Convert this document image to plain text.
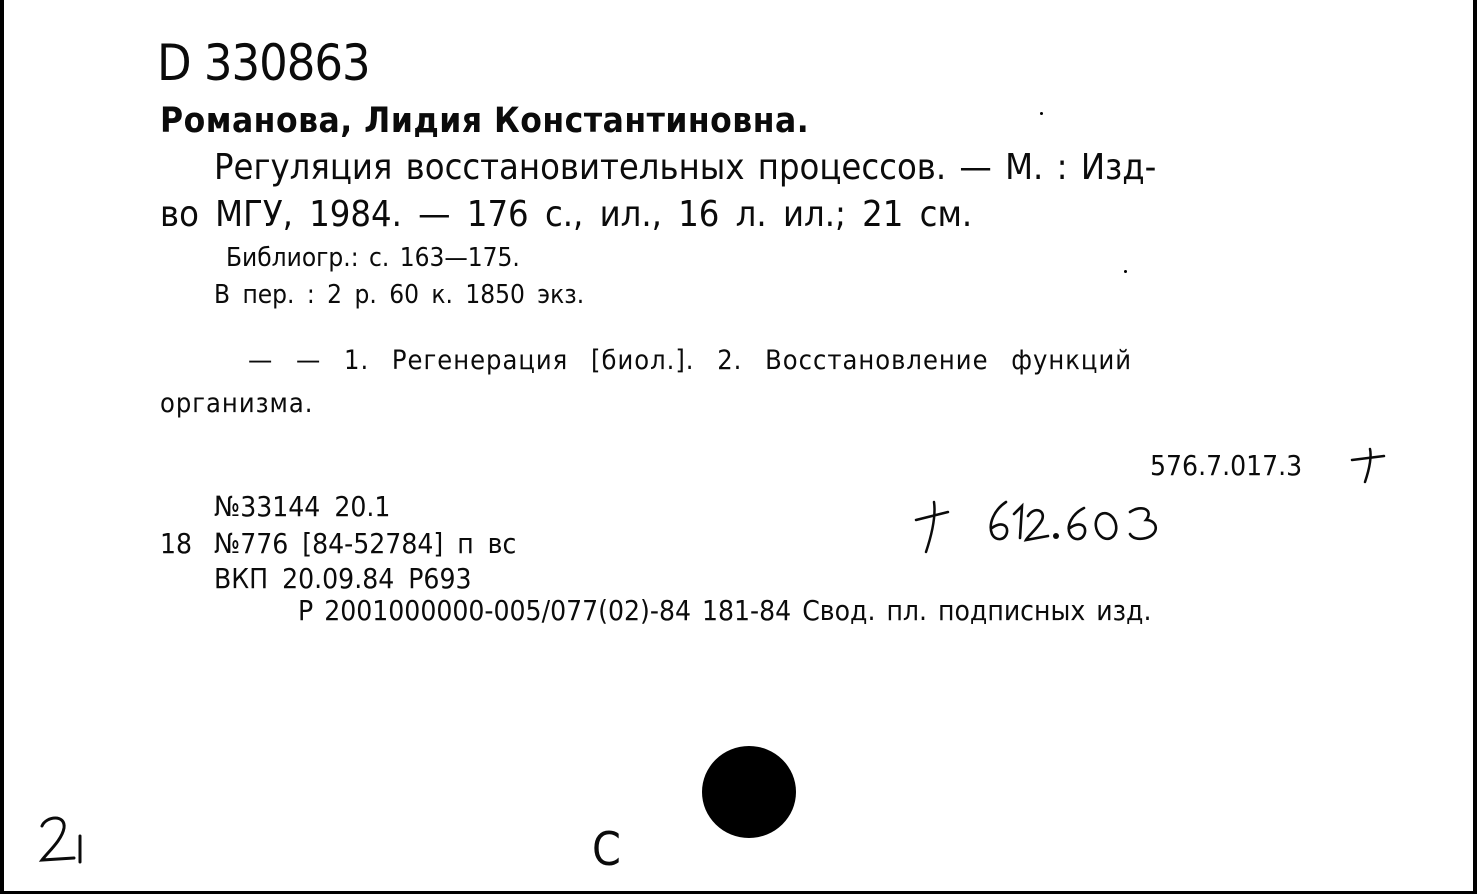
D 330863
Романова, Лидия Константиновна.
Регуляция восстановительных процессов. — М. : Изд-
во МГУ, 1984. — 176 с., ил., 16 л. ил.; 21 см.
Библиогр.: с. 163—175.
В пер. : 2 р. 60 к. 1850 экз.
— — 1. Регенерация [биол.]. 2. Восстановление функций
организма.
576.7.017.3
№33144 20.1
18 №776 [84-52784] п вс
ВКП 20.09.84 Р693
Р 2001000000-005/077(02)-84 181-84 Свод. пл. подписных изд.
С
